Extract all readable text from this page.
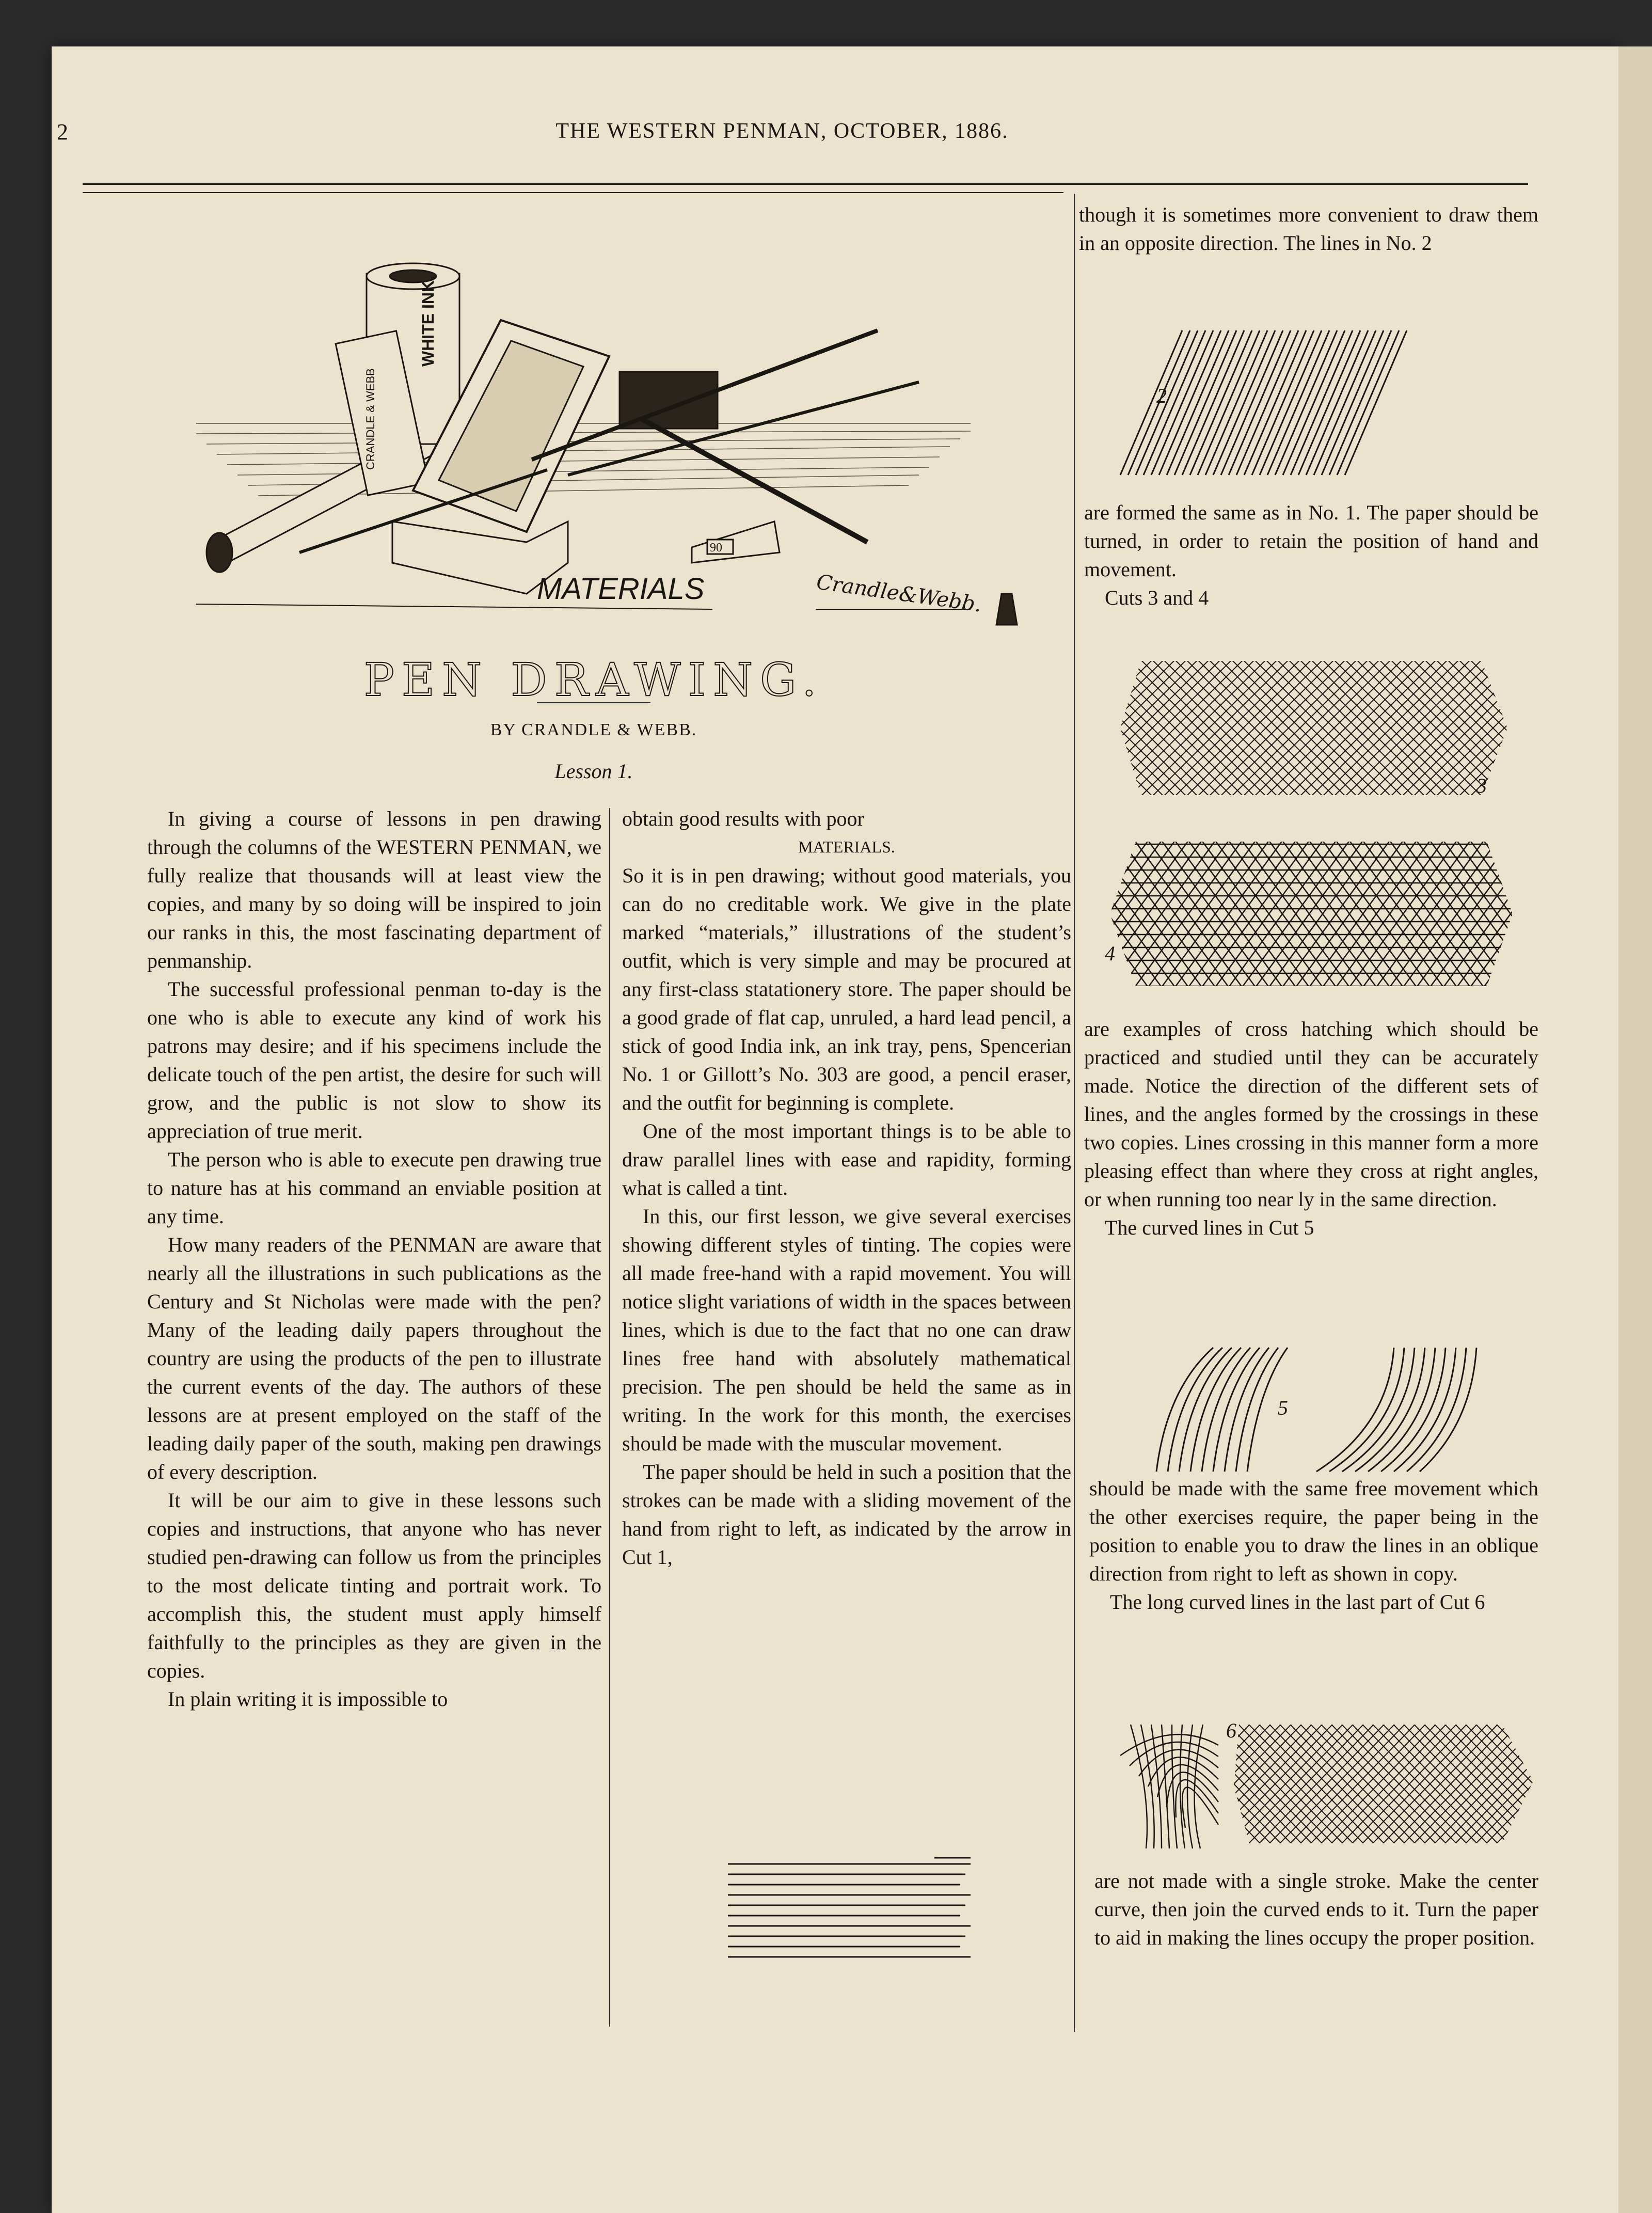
2	THE WESTERN PENMAN, OCTOBER, 1886.
WHITE INK.
CRANDLE & WEBB
90
MATERIALS	Crandle&Webb.
PEN DRAWING.
BY CRANDLE & WEBB.
Lesson 1.

In giving a course of lessons in pen drawing through the columns of the WESTERN PENMAN, we fully realize that thousands will at least view the copies, and many by so doing will be inspired to join our ranks in this, the most fascinating department of penmanship.

The successful professional penman to-day is the one who is able to execute any kind of work his patrons may desire; and if his specimens include the delicate touch of the pen artist, the desire for such will grow, and the public is not slow to show its appreciation of true merit.

The person who is able to execute pen drawing true to nature has at his command an enviable position at any time.

How many readers of the PENMAN are aware that nearly all the illustrations in such publications as the Century and St Nicholas were made with the pen? Many of the leading daily papers throughout the country are using the products of the pen to illustrate the current events of the day. The authors of these lessons are at present employed on the staff of the leading daily paper of the south, making pen drawings of every description.

It will be our aim to give in these lessons such copies and instructions, that anyone who has never studied pen-drawing can follow us from the principles to the most delicate tinting and portrait work. To accomplish this, the student must apply himself faithfully to the principles as they are given in the copies.

In plain writing it is impossible to

obtain good results with poor

MATERIALS.

So it is in pen drawing; without good materials, you can do no creditable work. We give in the plate marked “materials,” illustrations of the student’s outfit, which is very simple and may be procured at any first-class statationery store. The paper should be a good grade of flat cap, unruled, a hard lead pencil, a stick of good India ink, an ink tray, pens, Spencerian No. 1 or Gillott’s No. 303 are good, a pencil eraser, and the outfit for beginning is complete.

One of the most important things is to be able to draw parallel lines with ease and rapidity, forming what is called a tint.

In this, our first lesson, we give several exercises showing different styles of tinting. The copies were all made free-hand with a rapid movement. You will notice slight variations of width in the spaces between lines, which is due to the fact that no one can draw lines free hand with absolutely mathematical precision. The pen should be held the same as in writing. In the work for this month, the exercises should be made with the muscular movement.

The paper should be held in such a position that the strokes can be made with a sliding movement of the hand from right to left, as indicated by the arrow in Cut 1,

though it is sometimes more convenient to draw them in an opposite direction. The lines in No. 2

2

are formed the same as in No. 1. The paper should be turned, in order to retain the position of hand and movement.

Cuts 3 and 4

3
4

are examples of cross hatching which should be practiced and studied until they can be accurately made. Notice the direction of the different sets of lines, and the angles formed by the crossings in these two copies. Lines crossing in this manner form a more pleasing effect than where they cross at right angles, or when running too near ly in the same direction.

The curved lines in Cut 5

5

should be made with the same free movement which the other exercises require, the paper being in the position to enable you to draw the lines in an oblique direction from right to left as shown in copy.

The long curved lines in the last part of Cut 6

6

are not made with a single stroke. Make the center curve, then join the curved ends to it. Turn the paper to aid in making the lines occupy the proper position.
